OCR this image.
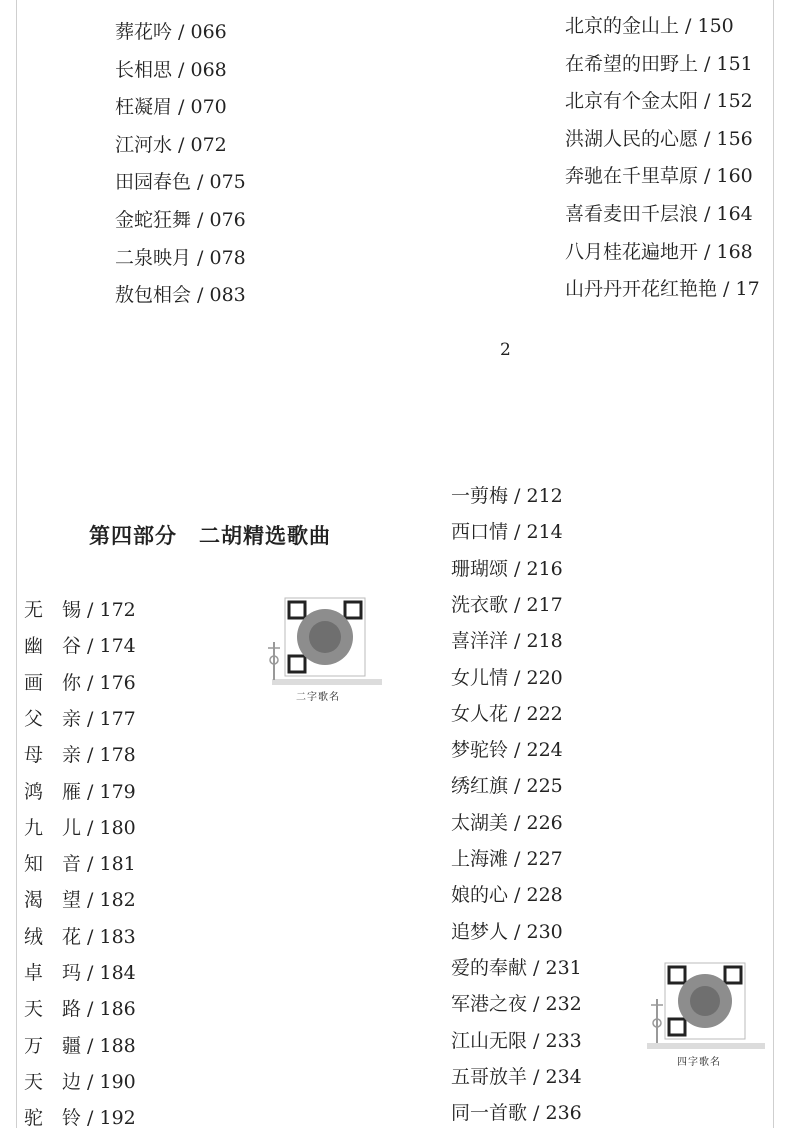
葬花吟 / 066
长相思 / 068
枉凝眉 / 070
江河水 / 072
田园春色 / 075
金蛇狂舞 / 076
二泉映月 / 078
敖包相会 / 083
北京的金山上 / 150
在希望的田野上 / 151
北京有个金太阳 / 152
洪湖人民的心愿 / 156
奔驰在千里草原 / 160
喜看麦田千层浪 / 164
八月桂花遍地开 / 168
山丹丹开花红艳艳 / 17
2
第四部分　二胡精选歌曲
无　锡 / 172
幽　谷 / 174
画　你 / 176
父　亲 / 177
母　亲 / 178
鸿　雁 / 179
九　儿 / 180
知　音 / 181
渴　望 / 182
绒　花 / 183
卓　玛 / 184
天　路 / 186
万　疆 / 188
天　边 / 190
驼　铃 / 192
一剪梅 / 212
西口情 / 214
珊瑚颂 / 216
洗衣歌 / 217
喜洋洋 / 218
女儿情 / 220
女人花 / 222
梦驼铃 / 224
绣红旗 / 225
太湖美 / 226
上海滩 / 227
娘的心 / 228
追梦人 / 230
爱的奉献 / 231
军港之夜 / 232
江山无限 / 233
五哥放羊 / 234
同一首歌 / 236
二字歌名
四字歌名
